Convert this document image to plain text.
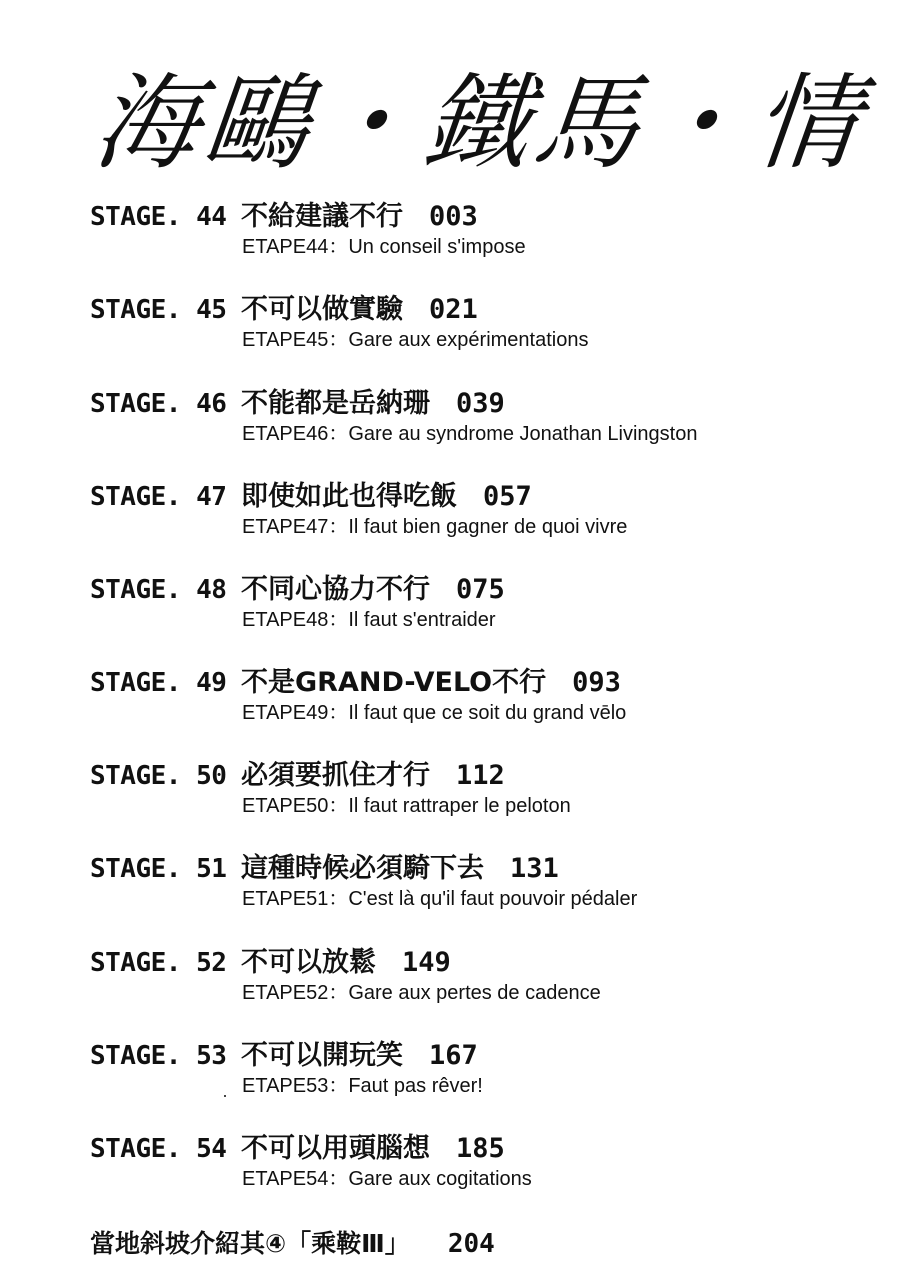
海鷗・鐵馬・情
STAGE. 44 不給建議不行 003
ETAPE44：Un conseil s'impose
STAGE. 45 不可以做實驗 021
ETAPE45：Gare aux expérimentations
STAGE. 46 不能都是岳納珊 039
ETAPE46：Gare au syndrome Jonathan Livingston
STAGE. 47 即使如此也得吃飯 057
ETAPE47：Il faut bien gagner de quoi vivre
STAGE. 48 不同心協力不行 075
ETAPE48：Il faut s'entraider
STAGE. 49 不是GRAND-VELO不行 093
ETAPE49：Il faut que ce soit du grand vēlo
STAGE. 50 必須要抓住才行 112
ETAPE50：Il faut rattraper le peloton
STAGE. 51 這種時候必須騎下去 131
ETAPE51：C'est là qu'il faut pouvoir pédaler
STAGE. 52 不可以放鬆 149
ETAPE52：Gare aux pertes de cadence
STAGE. 53 不可以開玩笑 167
ETAPE53：Faut pas rêver!
STAGE. 54 不可以用頭腦想 185
ETAPE54：Gare aux cogitations
當地斜坡介紹其④「乘鞍Ⅲ」 204
